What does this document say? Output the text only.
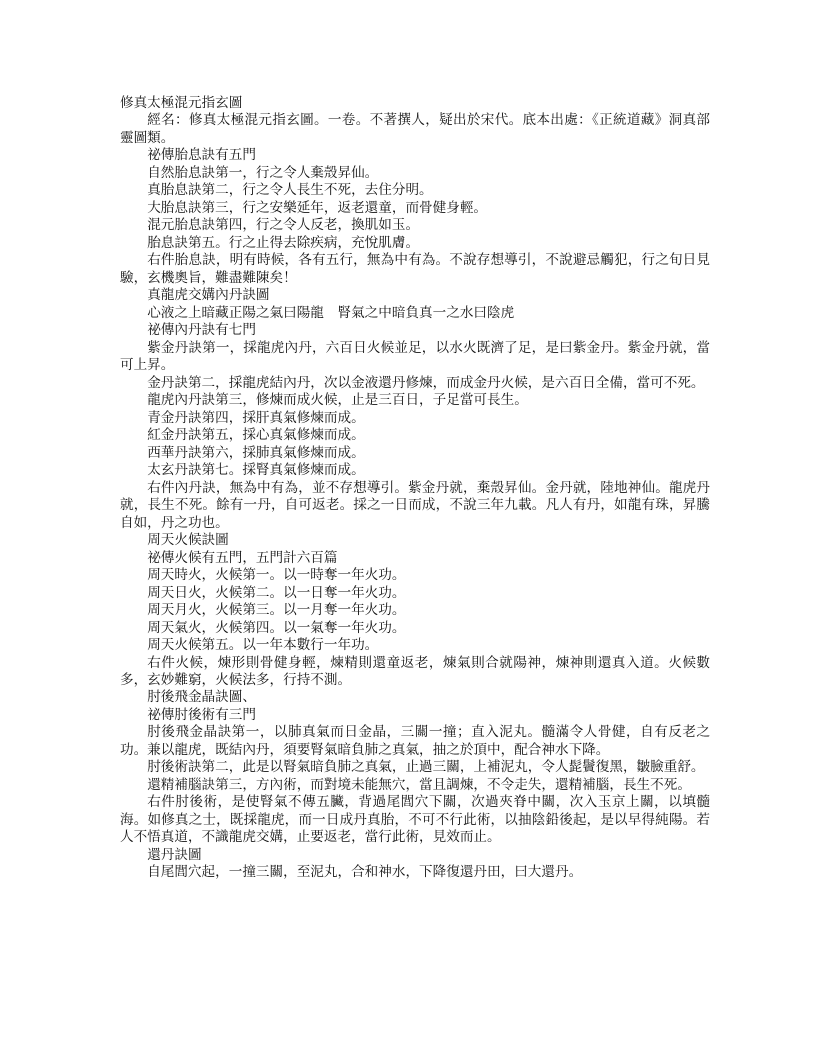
修真太極混元指玄圖

經名：修真太極混元指玄圖。一卷。不著撰人，疑出於宋代。底本出處：《正統道藏》洞真部靈圖類。

祕傳胎息訣有五門

自然胎息訣第一，行之令人棄殼昇仙。

真胎息訣第二，行之令人長生不死，去住分明。

大胎息訣第三，行之安樂延年，返老還童，而骨健身輕。

混元胎息訣第四，行之令人反老，換肌如玉。

胎息訣第五。行之止得去除疾病，充悅肌膚。

右件胎息訣，明有時候，各有五行，無為中有為。不說存想導引，不說避忌觸犯，行之旬日見驗，玄機奧旨，難盡難陳矣！

真龍虎交媾內丹訣圖

心液之上暗藏正陽之氣曰陽龍　腎氣之中暗負真一之水曰陰虎

祕傳內丹訣有七門

紫金丹訣第一，採龍虎內丹，六百日火候並足，以水火既濟了足，是曰紫金丹。紫金丹就，當可上昇。

金丹訣第二，採龍虎結內丹，次以金液還丹修煉，而成金丹火候，是六百日全備，當可不死。

龍虎內丹訣第三，修煉而成火候，止是三百日，子足當可長生。

青金丹訣第四，採肝真氣修煉而成。

紅金丹訣第五，採心真氣修煉而成。

西華丹訣第六，採肺真氣修煉而成。

太玄丹訣第七。採腎真氣修煉而成。

右件內丹訣，無為中有為，並不存想導引。紫金丹就，棄殼昇仙。金丹就，陸地神仙。龍虎丹就，長生不死。餘有一丹，自可返老。採之一日而成，不說三年九載。凡人有丹，如龍有珠，昇騰自如，丹之功也。

周天火候訣圖

祕傳火候有五門，五門計六百篇

周天時火，火候第一。以一時奪一年火功。

周天日火，火候第二。以一日奪一年火功。

周天月火，火候第三。以一月奪一年火功。

周天氣火，火候第四。以一氣奪一年火功。

周天火候第五。以一年本數行一年功。

右件火候，煉形則骨健身輕，煉精則還童返老，煉氣則合就陽神，煉神則還真入道。火候數多，玄妙難窮，火候法多，行持不測。

肘後飛金晶訣圖、

祕傳肘後術有三門

肘後飛金晶訣第一，以肺真氣而日金晶，三關一撞；直入泥丸。髓滿令人骨健，自有反老之功。兼以龍虎，既結內丹，須要腎氣暗負肺之真氣，抽之於頂中，配合神水下降。

肘後術訣第二，此是以腎氣暗負肺之真氣，止過三關，上補泥丸，令人髭鬢復黑，皺臉重舒。

還精補腦訣第三，方內術，而對境未能無穴，當且調煉，不令走失，還精補腦，長生不死。

右件肘後術，是使腎氣不傳五臟，背過尾閭穴下關，次過夾脊中關，次入玉京上關，以填髓海。如修真之士，既採龍虎，而一日成丹真胎，不可不行此術，以抽陰鉛後起，是以早得純陽。若人不悟真道，不識龍虎交媾，止要返老，當行此術，見效而止。

還丹訣圖

自尾閭穴起，一撞三關，至泥丸，合和神水，下降復還丹田，曰大還丹。
